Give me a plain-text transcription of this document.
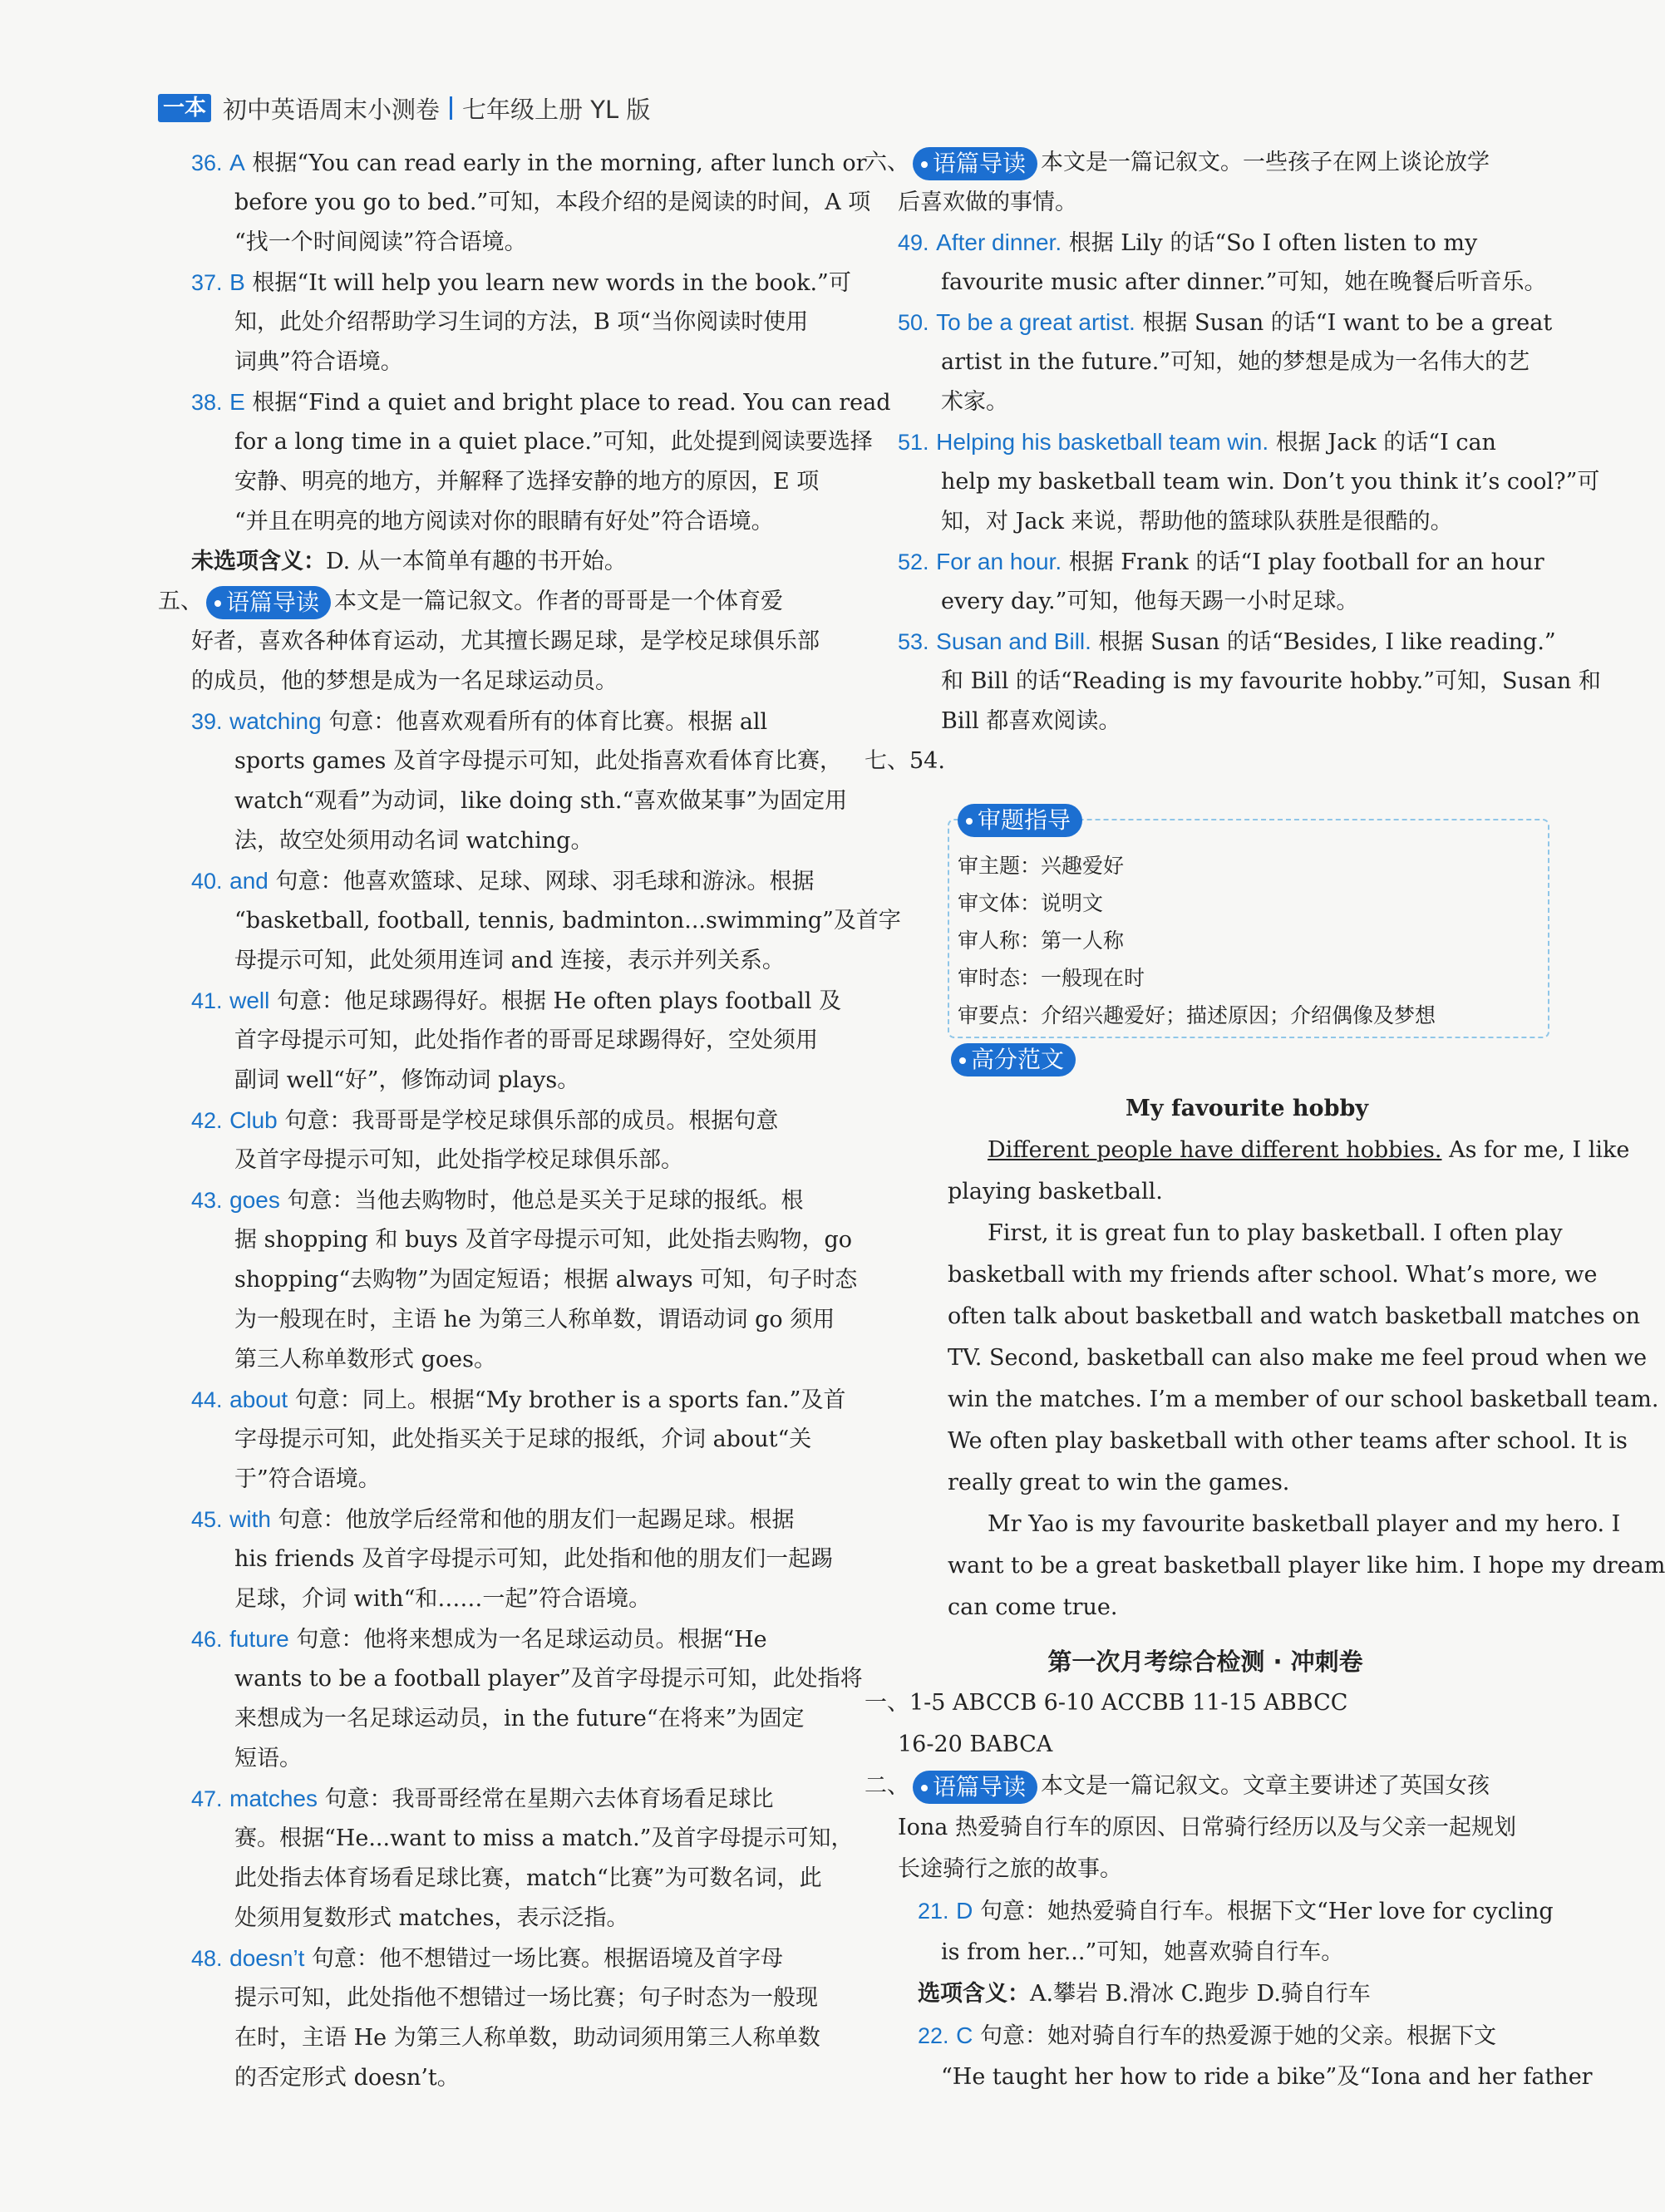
一本 初中英语周末小测卷 七年级上册 YL 版
36. A 根据“You can read early in the morning, after lunch or
before you go to bed.”可知，本段介绍的是阅读的时间，A 项
“找一个时间阅读”符合语境。
37. B 根据“It will help you learn new words in the book.”可
知，此处介绍帮助学习生词的方法，B 项“当你阅读时使用
词典”符合语境。
38. E 根据“Find a quiet and bright place to read. You can read
for a long time in a quiet place.”可知，此处提到阅读要选择
安静、明亮的地方，并解释了选择安静的地方的原因，E 项
“并且在明亮的地方阅读对你的眼睛有好处”符合语境。
未选项含义：D. 从一本简单有趣的书开始。
五、 语篇导读 本文是一篇记叙文。作者的哥哥是一个体育爱
好者，喜欢各种体育运动，尤其擅长踢足球，是学校足球俱乐部
的成员，他的梦想是成为一名足球运动员。
39. watching 句意：他喜欢观看所有的体育比赛。根据 all
sports games 及首字母提示可知，此处指喜欢看体育比赛，
watch“观看”为动词，like doing sth.“喜欢做某事”为固定用
法，故空处须用动名词 watching。
40. and 句意：他喜欢篮球、足球、网球、羽毛球和游泳。根据
“basketball, football, tennis, badminton...swimming”及首字
母提示可知，此处须用连词 and 连接，表示并列关系。
41. well 句意：他足球踢得好。根据 He often plays football 及
首字母提示可知，此处指作者的哥哥足球踢得好，空处须用
副词 well“好”，修饰动词 plays。
42. Club 句意：我哥哥是学校足球俱乐部的成员。根据句意
及首字母提示可知，此处指学校足球俱乐部。
43. goes 句意：当他去购物时，他总是买关于足球的报纸。根
据 shopping 和 buys 及首字母提示可知，此处指去购物，go
shopping“去购物”为固定短语；根据 always 可知，句子时态
为一般现在时，主语 he 为第三人称单数，谓语动词 go 须用
第三人称单数形式 goes。
44. about 句意：同上。根据“My brother is a sports fan.”及首
字母提示可知，此处指买关于足球的报纸，介词 about“关
于”符合语境。
45. with 句意：他放学后经常和他的朋友们一起踢足球。根据
his friends 及首字母提示可知，此处指和他的朋友们一起踢
足球，介词 with“和……一起”符合语境。
46. future 句意：他将来想成为一名足球运动员。根据“He
wants to be a football player”及首字母提示可知，此处指将
来想成为一名足球运动员，in the future“在将来”为固定
短语。
47. matches 句意：我哥哥经常在星期六去体育场看足球比
赛。根据“He...want to miss a match.”及首字母提示可知，
此处指去体育场看足球比赛，match“比赛”为可数名词，此
处须用复数形式 matches，表示泛指。
48. doesn’t 句意：他不想错过一场比赛。根据语境及首字母
提示可知，此处指他不想错过一场比赛；句子时态为一般现
在时，主语 He 为第三人称单数，助动词须用第三人称单数
的否定形式 doesn’t。
六、 语篇导读 本文是一篇记叙文。一些孩子在网上谈论放学
后喜欢做的事情。
49. After dinner. 根据 Lily 的话“So I often listen to my
favourite music after dinner.”可知，她在晚餐后听音乐。
50. To be a great artist. 根据 Susan 的话“I want to be a great
artist in the future.”可知，她的梦想是成为一名伟大的艺
术家。
51. Helping his basketball team win. 根据 Jack 的话“I can
help my basketball team win. Don’t you think it’s cool?”可
知，对 Jack 来说，帮助他的篮球队获胜是很酷的。
52. For an hour. 根据 Frank 的话“I play football for an hour
every day.”可知，他每天踢一小时足球。
53. Susan and Bill. 根据 Susan 的话“Besides, I like reading.”
和 Bill 的话“Reading is my favourite hobby.”可知，Susan 和
Bill 都喜欢阅读。
七、54.
审题指导
审主题：兴趣爱好
审文体：说明文
审人称：第一人称
审时态：一般现在时
审要点：介绍兴趣爱好；描述原因；介绍偶像及梦想
高分范文
My favourite hobby
Different people have different hobbies. As for me, I like
playing basketball.
First, it is great fun to play basketball. I often play
basketball with my friends after school. What’s more, we
often talk about basketball and watch basketball matches on
TV. Second, basketball can also make me feel proud when we
win the matches. I’m a member of our school basketball team.
We often play basketball with other teams after school. It is
really great to win the games.
Mr Yao is my favourite basketball player and my hero. I
want to be a great basketball player like him. I hope my dream
can come true.
第一次月考综合检测 · 冲刺卷
一、1-5 ABCCB 6-10 ACCBB 11-15 ABBCC
16-20 BABCA
二、 语篇导读 本文是一篇记叙文。文章主要讲述了英国女孩
Iona 热爱骑自行车的原因、日常骑行经历以及与父亲一起规划
长途骑行之旅的故事。
21. D 句意：她热爱骑自行车。根据下文“Her love for cycling
is from her...”可知，她喜欢骑自行车。
选项含义：A.攀岩 B.滑冰 C.跑步 D.骑自行车
22. C 句意：她对骑自行车的热爱源于她的父亲。根据下文
“He taught her how to ride a bike”及“Iona and her father
